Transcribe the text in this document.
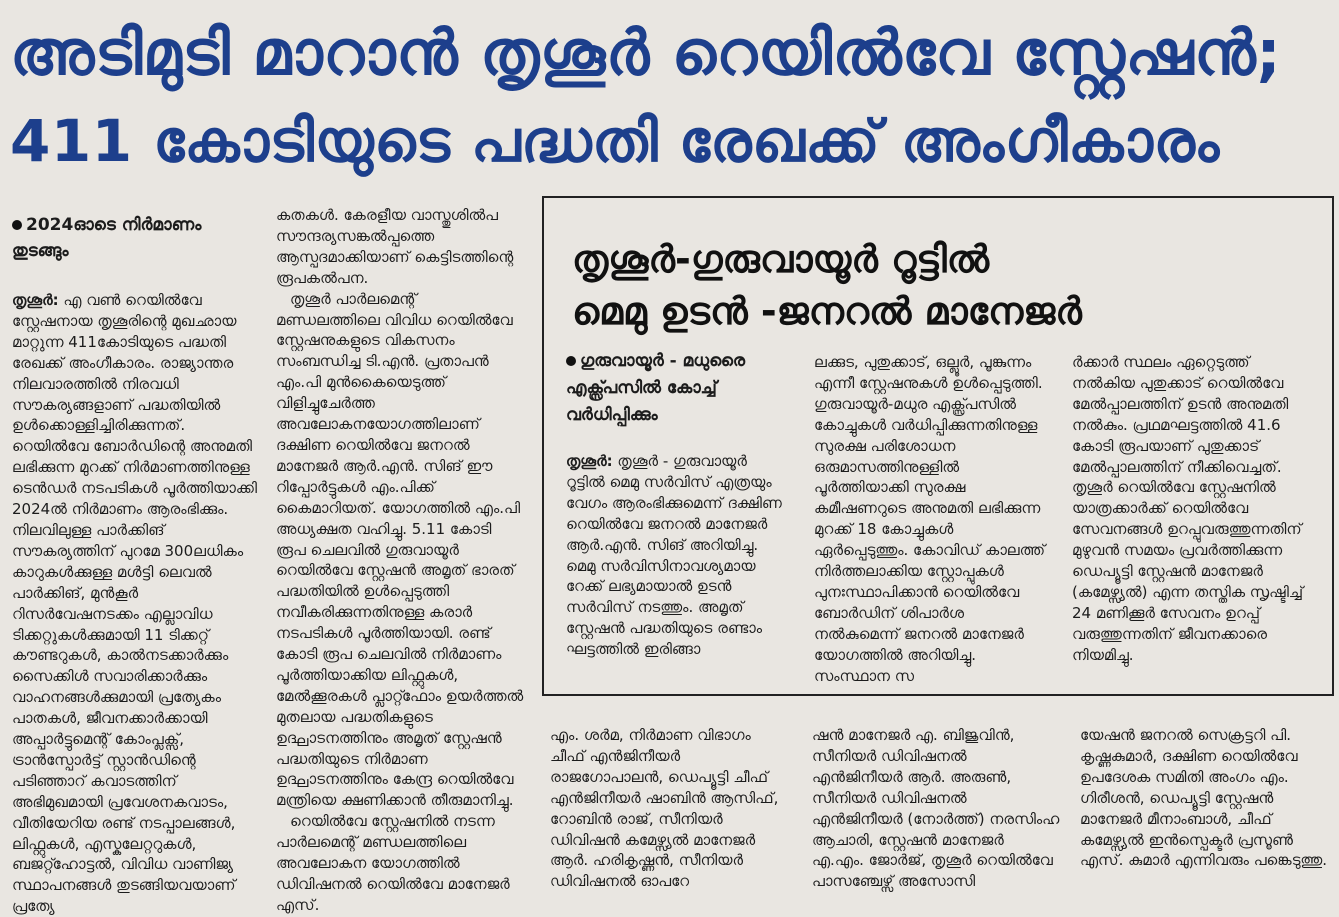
അടിമുടി മാറാൻ തൃശൂർ റെയിൽവേ സ്റ്റേഷൻ;
411 കോടിയുടെ പദ്ധതി രേഖക്ക് അംഗീകാരം

2024ഓടെ നിർമാണം തുടങ്ങും

തൃശൂർ: എ വൺ റെയിൽവേ സ്റ്റേഷനായ തൃശൂരിന്റെ മുഖഛായ മാറ്റുന്ന 411കോടിയുടെ പദ്ധതി രേഖക്ക് അംഗീകാരം. രാജ്യാന്തര നിലവാരത്തിൽ നിരവധി സൗകര്യങ്ങളാണ് പദ്ധതിയിൽ ഉൾക്കൊള്ളിച്ചിരിക്കുന്നത്. റെയിൽവേ ബോർഡിന്റെ അനുമതി ലഭിക്കുന്ന മുറക്ക് നിർമാണത്തിനുള്ള ടെൻഡർ നടപടികൾ പൂർത്തിയാക്കി 2024ൽ നിർമാണം ആരംഭിക്കും. നിലവിലുള്ള പാർക്കിങ് സൗകര്യത്തിന് പുറമേ 300ലധികം കാറുകൾക്കുള്ള മൾട്ടി ലെവൽ പാർക്കിങ്, മുൻകൂർ റിസർവേഷനടക്കം എല്ലാവിധ ടിക്കറ്റുകൾക്കുമായി 11 ടിക്കറ്റ് കൗണ്ടറുകൾ, കാൽനടക്കാർക്കും സൈക്കിൾ സവാരിക്കാർക്കും വാഹനങ്ങൾക്കുമായി പ്രത്യേകം പാതകൾ, ജീവനക്കാർക്കായി അപ്പാർട്ടുമെന്റ് കോംപ്ലക്സ്, ട്രാൻസ്പോർട്ട് സ്റ്റാൻഡിന്റെ പടിഞ്ഞാറ് കവാടത്തിന് അഭിമുഖമായി പ്രവേശനകവാടം, വീതിയേറിയ രണ്ട് നടപ്പാലങ്ങൾ, ലിഫ്റ്റുകൾ, എസ്കലേറ്ററുകൾ, ബജറ്റ്ഹോട്ടൽ, വിവിധ വാണിജ്യ സ്ഥാപനങ്ങൾ തുടങ്ങിയവയാണ് പ്രത്യേ

കതകൾ. കേരളീയ വാസ്തുശിൽപ സൗന്ദര്യസങ്കൽപ്പത്തെ ആസ്പദമാക്കിയാണ് കെട്ടിടത്തിന്റെ രൂപകൽപന.

തൃശൂർ പാർലമെന്റ് മണ്ഡലത്തിലെ വിവിധ റെയിൽവേ സ്റ്റേഷനുകളുടെ വികസനം സംബന്ധിച്ച ടി.എൻ. പ്രതാപൻ എം.പി മുൻകൈയെടുത്ത് വിളിച്ചുചേർത്ത അവലോകനയോഗത്തിലാണ് ദക്ഷിണ റെയിൽവേ ജനറൽ മാനേജർ ആർ.എൻ. സിങ് ഈ റിപ്പോർട്ടുകൾ എം.പിക്ക് കൈമാറിയത്. യോഗത്തിൽ എം.പി അധ്യക്ഷത വഹിച്ചു. 5.11 കോടി രൂപ ചെലവിൽ ഗുരുവായൂർ റെയിൽവേ സ്റ്റേഷൻ അമൃത് ഭാരത് പദ്ധതിയിൽ ഉൾപ്പെടുത്തി നവീകരിക്കുന്നതിനുള്ള കരാർ നടപടികൾ പൂർത്തിയായി. രണ്ട് കോടി രൂപ ചെലവിൽ നിർമാണം പൂർത്തിയാക്കിയ ലിഫ്റ്റുകൾ, മേൽക്കൂരകൾ പ്ലാറ്റ്ഫോം ഉയർത്തൽ മുതലായ പദ്ധതികളുടെ ഉദ്ഘാടനത്തിനും അമൃത് സ്റ്റേഷൻ പദ്ധതിയുടെ നിർമാണ ഉദ്ഘാടനത്തിനും കേന്ദ്ര റെയിൽവേ മന്ത്രിയെ ക്ഷണിക്കാൻ തീരുമാനിച്ചു.

റെയിൽവേ സ്റ്റേഷനിൽ നടന്ന പാർലമെന്റ് മണ്ഡലത്തിലെ അവലോകന യോഗത്തിൽ ഡിവിഷനൽ റെയിൽവേ മാനേജർ എസ്.

തൃശൂർ-ഗുരുവായൂർ റൂട്ടിൽ
മെമു ഉടൻ -ജനറൽ മാനേജർ

ഗുരുവായൂർ - മധുരൈ എക്സ്പ്രസിൽ കോച്ച് വർധിപ്പിക്കും

തൃശൂർ: തൃശൂർ - ഗുരുവായൂർ റൂട്ടിൽ മെമു സർവിസ് എത്രയും വേഗം ആരംഭിക്കുമെന്ന് ദക്ഷിണ റെയിൽവേ ജനറൽ മാനേജർ ആർ.എൻ. സിങ് അറിയിച്ചു. മെമു സർവിസിനാവശ്യമായ റേക്ക് ലഭ്യമായാൽ ഉടൻ സർവിസ് നടത്തും. അമൃത് സ്റ്റേഷൻ പദ്ധതിയുടെ രണ്ടാം ഘട്ടത്തിൽ ഇരിങ്ങാ

ലക്കുട, പുതുക്കാട്, ഒല്ലൂർ, പൂങ്കുന്നം എന്നീ സ്റ്റേഷനുകൾ ഉൾപ്പെടുത്തി. ഗുരുവായൂർ-മധുര എക്സ്പ്രസിൽ കോച്ചുകൾ വർധിപ്പിക്കുന്നതിനുള്ള സുരക്ഷ പരിശോധന ഒരുമാസത്തിനുള്ളിൽ പൂർത്തിയാക്കി സുരക്ഷ കമീഷണറുടെ അനുമതി ലഭിക്കുന്ന മുറക്ക് 18 കോച്ചുകൾ ഏർപ്പെടുത്തും. കോവിഡ് കാലത്ത് നിർത്തലാക്കിയ സ്റ്റോപ്പുകൾ പുനഃസ്ഥാപിക്കാൻ റെയിൽവേ ബോർഡിന് ശിപാർശ നൽകുമെന്ന് ജനറൽ മാനേജർ യോഗത്തിൽ അറിയിച്ചു. സംസ്ഥാന സ

ർക്കാർ സ്ഥലം ഏറ്റെടുത്ത് നൽകിയ പുതുക്കാട് റെയിൽവേ മേൽപ്പാലത്തിന് ഉടൻ അനുമതി നൽകും. പ്രഥമഘട്ടത്തിൽ 41.6 കോടി രൂപയാണ് പുതുക്കാട് മേൽപ്പാലത്തിന് നീക്കിവെച്ചത്. തൃശൂർ റെയിൽവേ സ്റ്റേഷനിൽ യാത്രക്കാർക്ക് റെയിൽവേ സേവനങ്ങൾ ഉറപ്പുവരുത്തുന്നതിന് മുഴുവൻ സമയം പ്രവർത്തിക്കുന്ന ഡെപ്യൂട്ടി സ്റ്റേഷൻ മാനേജർ (കമേഴ്സ്യൽ) എന്ന തസ്തിക സൃഷ്ടിച്ച് 24 മണിക്കൂർ സേവനം ഉറപ്പ് വരുത്തുന്നതിന് ജീവനക്കാരെ നിയമിച്ചു.

എം. ശർമ, നിർമാണ വിഭാഗം ചീഫ് എൻജിനീയർ രാജഗോപാലൻ, ഡെപ്യൂട്ടി ചീഫ് എൻജിനീയർ ഷാബിൻ ആസിഫ്, റോബിൻ രാജ്, സീനിയർ ഡിവിഷൻ കമേഴ്സ്യൽ മാനേജർ ആർ. ഹരികൃഷ്ണൻ, സീനിയർ ഡിവിഷനൽ ഓപറേ

ഷൻ മാനേജർ എ. ബിജുവിൻ, സീനിയർ ഡിവിഷനൽ എൻജിനീയർ ആർ. അരുൺ, സീനിയർ ഡിവിഷനൽ എൻജിനീയർ (നോർത്ത്) നരസിംഹ ആചാരി, സ്റ്റേഷൻ മാനേജർ എ.എം. ജോർജ്, തൃശൂർ റെയിൽവേ പാസഞ്ചേഴ്സ് അസോസി

യേഷൻ ജനറൽ സെക്രട്ടറി പി. കൃഷ്ണകുമാർ, ദക്ഷിണ റെയിൽവേ ഉപദേശക സമിതി അംഗം എം. ഗിരീശൻ, ഡെപ്യൂട്ടി സ്റ്റേഷൻ മാനേജർ മീനാംബാൾ, ചീഫ് കമേഴ്സ്യൽ ഇൻസ്പെക്ടർ പ്രസൂൺ എസ്. കുമാർ എന്നിവരും പങ്കെടുത്തു.
